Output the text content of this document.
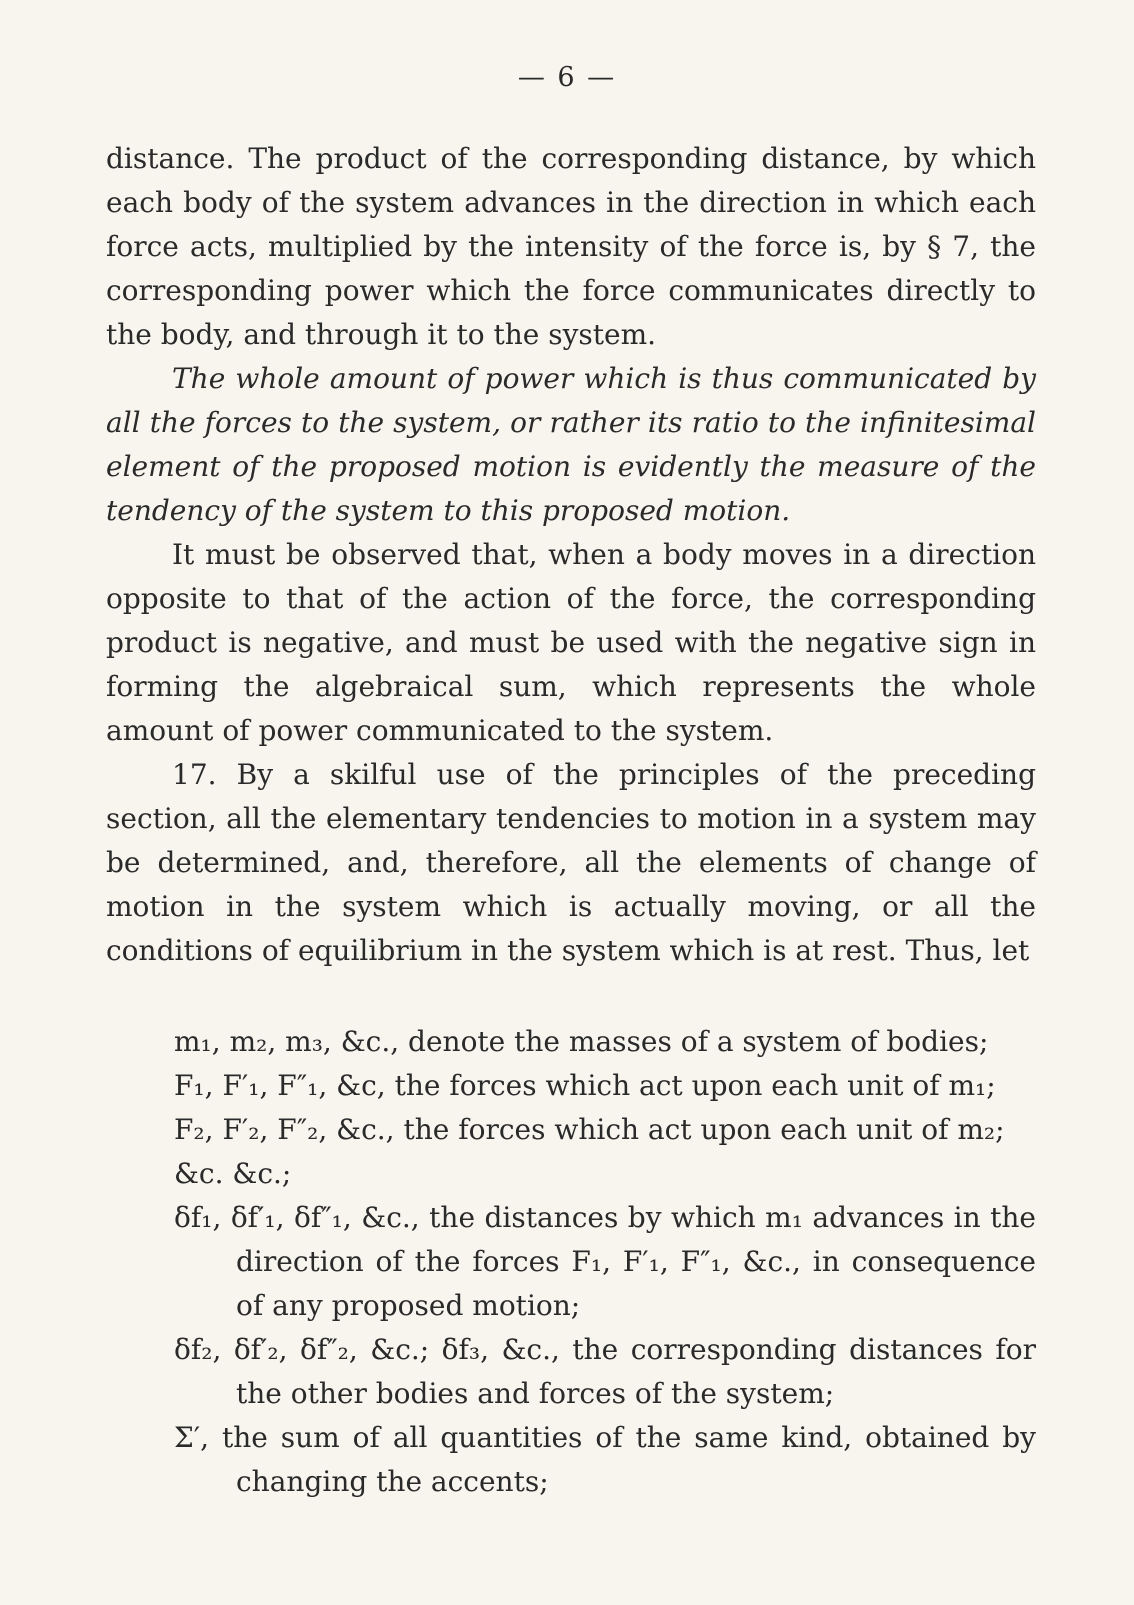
— 6 —

distance. The product of the corresponding distance, by which each body of the system advances in the direction in which each force acts, multiplied by the intensity of the force is, by § 7, the corresponding power which the force communicates directly to the body, and through it to the system.

The whole amount of power which is thus communicated by all the forces to the system, or rather its ratio to the infinitesimal element of the proposed motion is evidently the measure of the tendency of the system to this proposed motion.

It must be observed that, when a body moves in a direction opposite to that of the action of the force, the corresponding product is negative, and must be used with the negative sign in forming the algebraical sum, which represents the whole amount of power communicated to the system.

17. By a skilful use of the principles of the preceding section, all the elementary tendencies to motion in a system may be determined, and, therefore, all the elements of change of motion in the system which is actually moving, or all the conditions of equilibrium in the system which is at rest. Thus, let

m₁, m₂, m₃, &c., denote the masses of a system of bodies;

F₁, F′₁, F″₁, &c, the forces which act upon each unit of m₁;

F₂, F′₂, F″₂, &c., the forces which act upon each unit of m₂;

&c. &c.;

δf₁, δf′₁, δf″₁, &c., the distances by which m₁ advances in the direction of the forces F₁, F′₁, F″₁, &c., in consequence of any proposed motion;

δf₂, δf′₂, δf″₂, &c.; δf₃, &c., the corresponding distances for the other bodies and forces of the system;

Σ′, the sum of all quantities of the same kind, obtained by changing the accents;
